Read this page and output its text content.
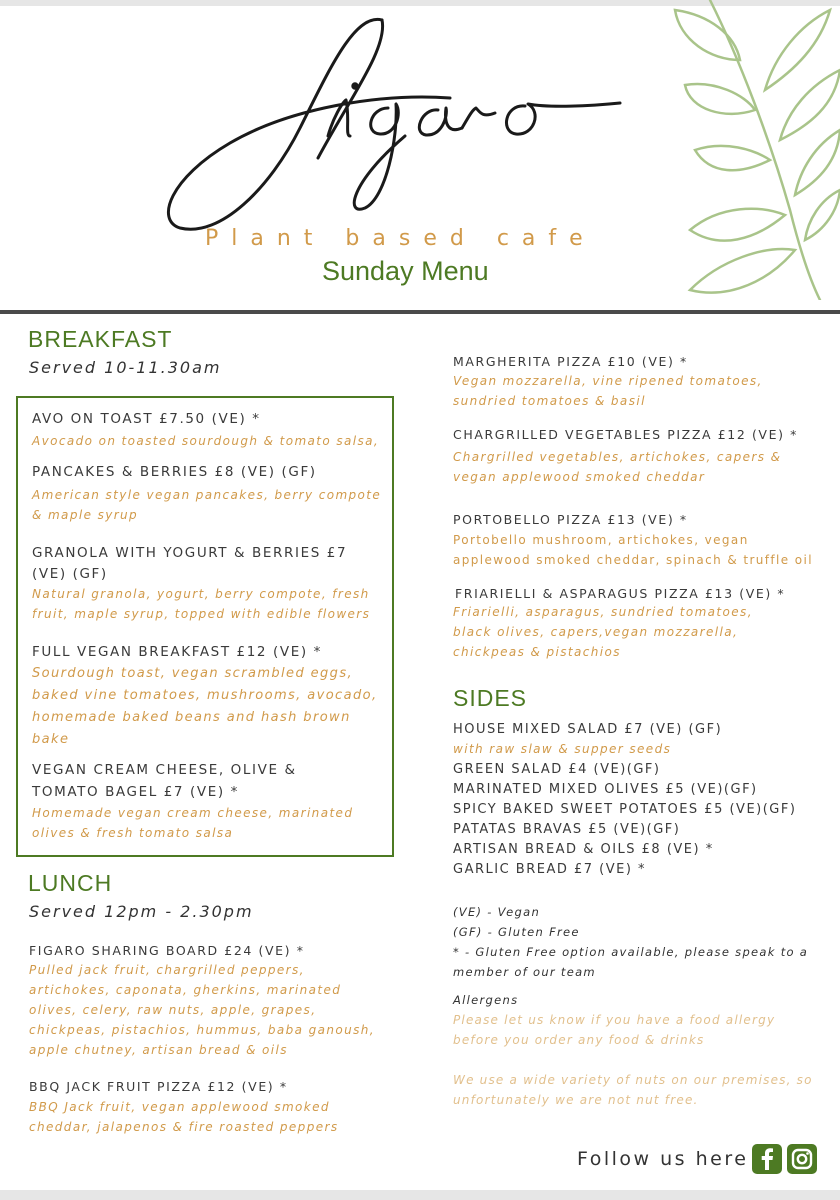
Figaro
Plant based cafe
Sunday Menu
BREAKFAST
Served 10-11.30am
AVO ON TOAST £7.50 (VE) *
Avocado on toasted sourdough & tomato salsa,
PANCAKES & BERRIES £8 (VE) (GF)
American style vegan pancakes, berry compote & maple syrup
GRANOLA WITH YOGURT & BERRIES £7 (VE) (GF)
Natural granola, yogurt, berry compote, fresh fruit, maple syrup, topped with edible flowers
FULL VEGAN BREAKFAST £12 (VE) *
Sourdough toast, vegan scrambled eggs, baked vine tomatoes, mushrooms, avocado, homemade baked beans and hash brown bake
VEGAN CREAM CHEESE, OLIVE & TOMATO BAGEL £7 (VE) *
Homemade vegan cream cheese, marinated olives & fresh tomato salsa
LUNCH
Served 12pm - 2.30pm
FIGARO SHARING BOARD £24 (VE) *
Pulled jack fruit, chargrilled peppers, artichokes, caponata, gherkins, marinated olives, celery, raw nuts, apple, grapes, chickpeas, pistachios, hummus, baba ganoush, apple chutney, artisan bread & oils
BBQ JACK FRUIT PIZZA £12 (VE) *
BBQ Jack fruit, vegan applewood smoked cheddar, jalapenos & fire roasted peppers
MARGHERITA PIZZA £10 (VE) *
Vegan mozzarella, vine ripened tomatoes, sundried tomatoes & basil
CHARGRILLED VEGETABLES PIZZA £12 (VE) *
Chargrilled vegetables, artichokes, capers & vegan applewood smoked cheddar
PORTOBELLO PIZZA £13 (VE) *
Portobello mushroom, artichokes, vegan applewood smoked cheddar, spinach & truffle oil
FRIARIELLI & ASPARAGUS PIZZA £13 (VE) *
Friarielli, asparagus, sundried tomatoes, black olives, capers,vegan mozzarella, chickpeas & pistachios
SIDES
HOUSE MIXED SALAD £7 (VE) (GF)
with raw slaw & supper seeds
GREEN SALAD £4 (VE)(GF)
MARINATED MIXED OLIVES £5 (VE)(GF)
SPICY BAKED SWEET POTATOES £5 (VE)(GF)
PATATAS BRAVAS £5 (VE)(GF)
ARTISAN BREAD & OILS £8 (VE) *
GARLIC BREAD £7 (VE) *
(VE) - Vegan
(GF) - Gluten Free
* - Gluten Free option available, please speak to a member of our team
Allergens
Please let us know if you have a food allergy before you order any food & drinks
We use a wide variety of nuts on our premises, so unfortunately we are not nut free.
Follow us here
